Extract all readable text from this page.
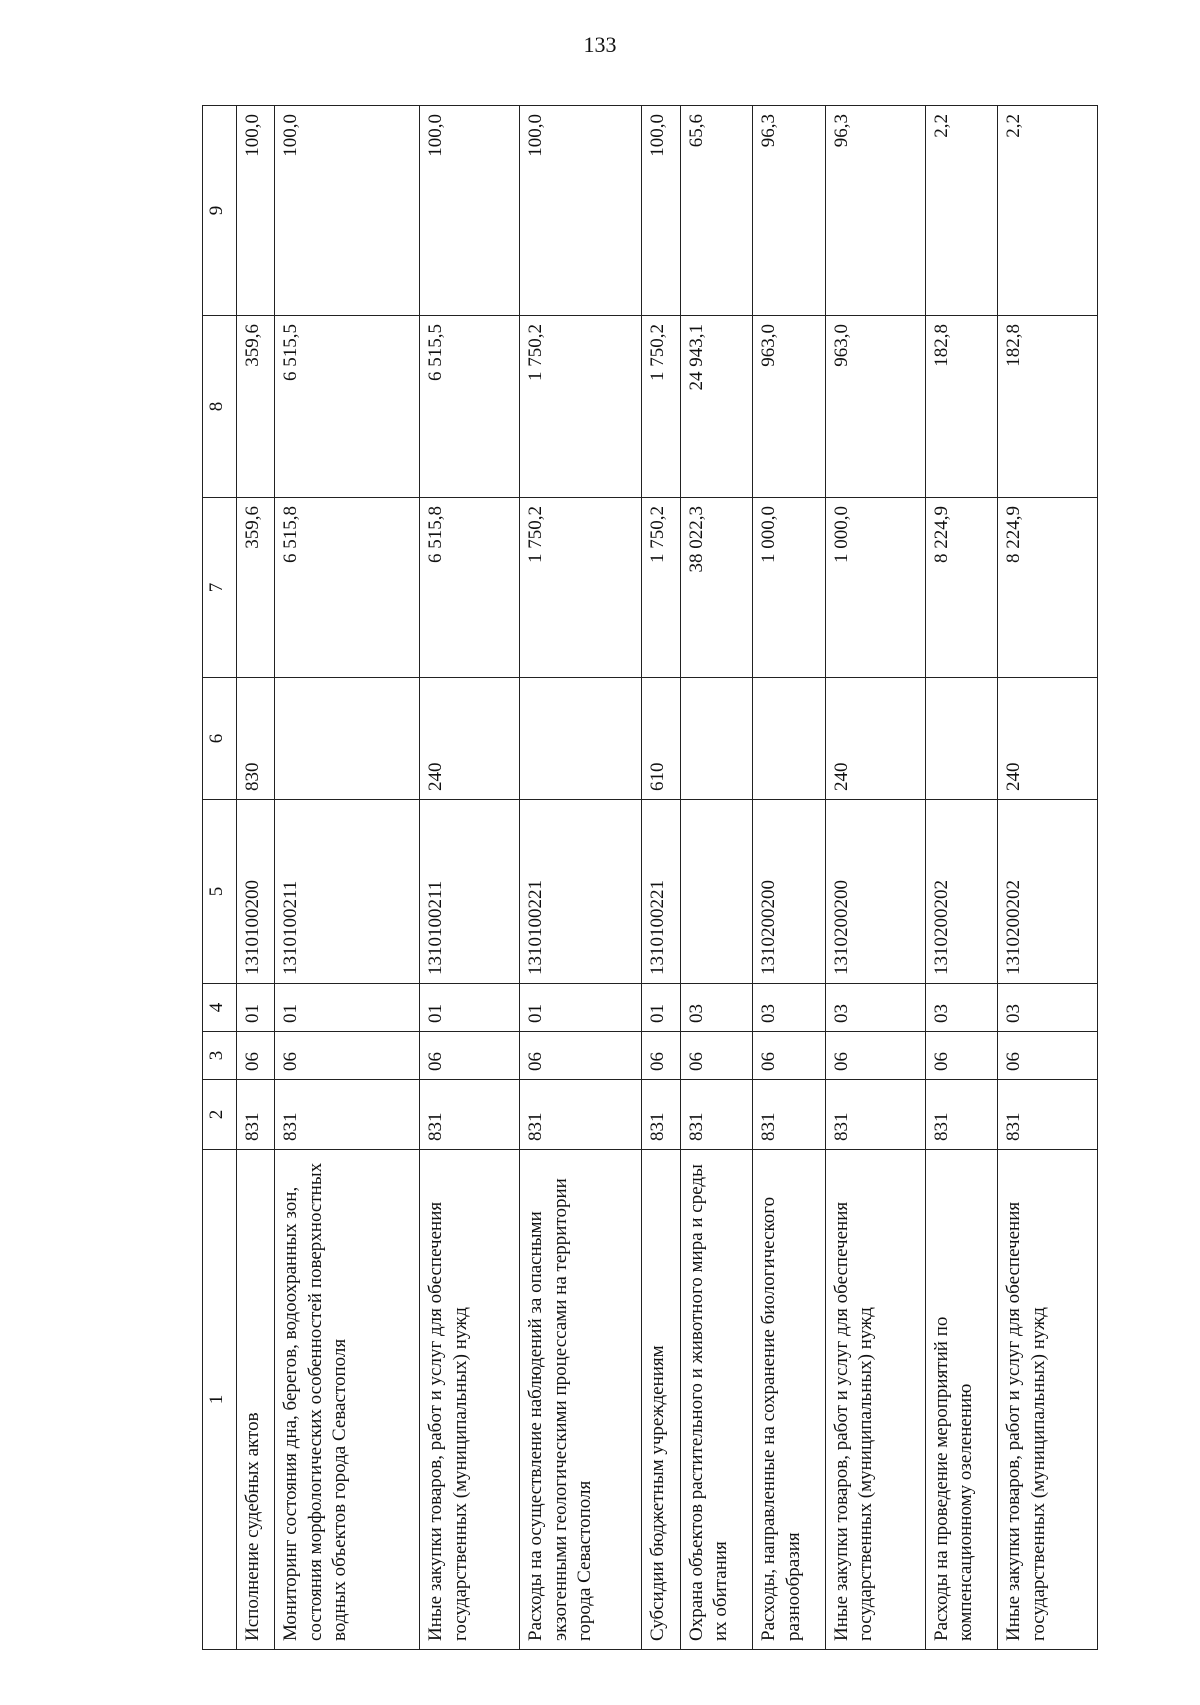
133
1	2	3	4	5	6	7	8	9
Исполнение судебных актов	831	06	01	1310100200	830	359,6	359,6	100,0
Мониторинг состояния дна, берегов, водоохранных зон, состояния морфологических особенностей поверхностных водных объектов города Севастополя	831	06	01	1310100211		6 515,8	6 515,5	100,0
Иные закупки товаров, работ и услуг для обеспечения государственных (муниципальных) нужд	831	06	01	1310100211	240	6 515,8	6 515,5	100,0
Расходы на осуществление наблюдений за опасными экзогенными геологическими процессами на территории города Севастополя	831	06	01	1310100221		1 750,2	1 750,2	100,0
Субсидии бюджетным учреждениям	831	06	01	1310100221	610	1 750,2	1 750,2	100,0
Охрана объектов растительного и животного мира и среды их обитания	831	06	03			38 022,3	24 943,1	65,6
Расходы, направленные на сохранение биологического разнообразия	831	06	03	1310200200		1 000,0	963,0	96,3
Иные закупки товаров, работ и услуг для обеспечения государственных (муниципальных) нужд	831	06	03	1310200200	240	1 000,0	963,0	96,3
Расходы на проведение мероприятий по компенсационному озеленению	831	06	03	1310200202		8 224,9	182,8	2,2
Иные закупки товаров, работ и услуг для обеспечения государственных (муниципальных) нужд	831	06	03	1310200202	240	8 224,9	182,8	2,2
